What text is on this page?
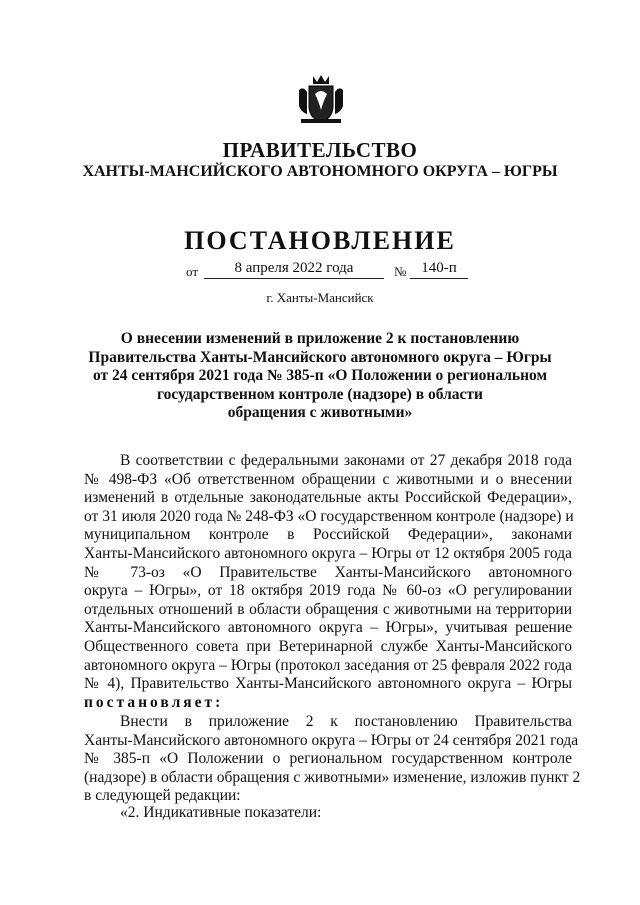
ПРАВИТЕЛЬСТВО
ХАНТЫ-МАНСИЙСКОГО АВТОНОМНОГО ОКРУГА – ЮГРЫ
ПОСТАНОВЛЕНИЕ
от	8 апреля 2022 года	№ 140-п
г. Ханты-Мансийск
О внесении изменений в приложение 2 к постановлению
Правительства Ханты-Мансийского автономного округа – Югры
от 24 сентября 2021 года № 385-п «О Положении о региональном
государственном контроле (надзоре) в области
обращения с животными»
В соответствии с федеральными законами от 27 декабря 2018 года
№ 498-ФЗ «Об ответственном обращении с животными и о внесении
изменений в отдельные законодательные акты Российской Федерации»,
от 31 июля 2020 года № 248-ФЗ «О государственном контроле (надзоре) и
муниципальном контроле в Российской Федерации», законами
Ханты-Мансийского автономного округа – Югры от 12 октября 2005 года
№ 73-оз «О Правительстве Ханты-Мансийского автономного
округа – Югры», от 18 октября 2019 года № 60-оз «О регулировании
отдельных отношений в области обращения с животными на территории
Ханты-Мансийского автономного округа – Югры», учитывая решение
Общественного совета при Ветеринарной службе Ханты-Мансийского
автономного округа – Югры (протокол заседания от 25 февраля 2022 года
№ 4), Правительство Ханты-Мансийского автономного округа – Югры
постановляет:
Внести в приложение 2 к постановлению Правительства
Ханты-Мансийского автономного округа – Югры от 24 сентября 2021 года
№ 385-п «О Положении о региональном государственном контроле
(надзоре) в области обращения с животными» изменение, изложив пункт 2
в следующей редакции:
«2. Индикативные показатели:
